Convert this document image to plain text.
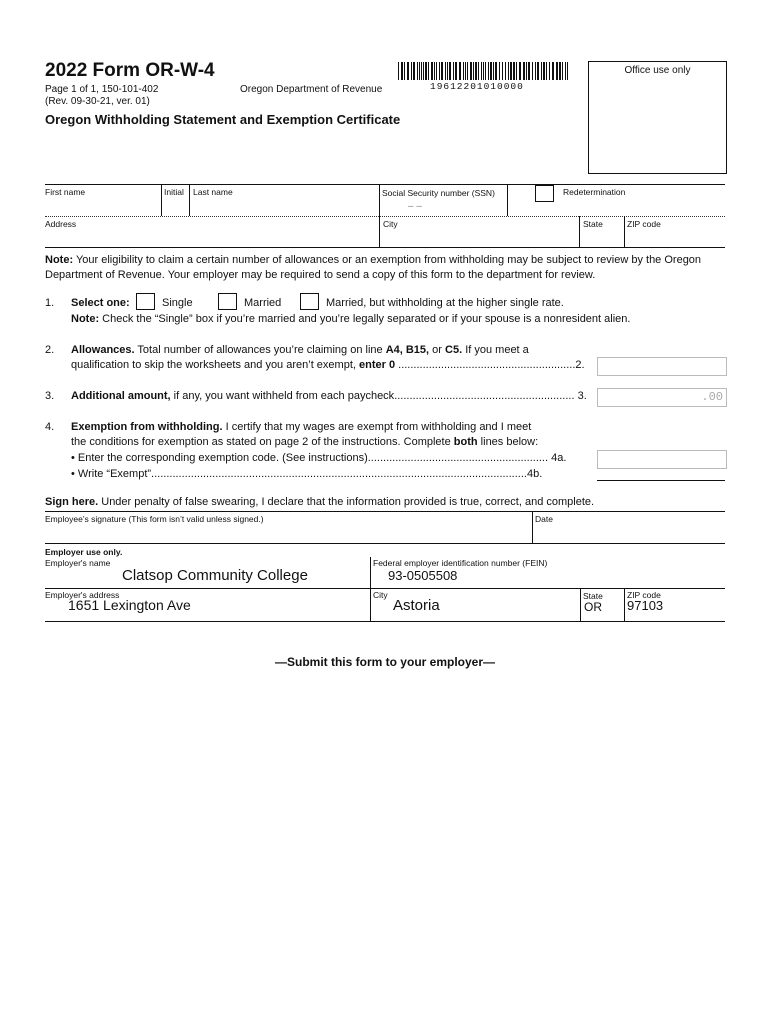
2022 Form OR-W-4
Page 1 of 1, 150-101-402
(Rev. 09-30-21, ver. 01)
Oregon Department of Revenue	19612201010000
Office use only
Oregon Withholding Statement and Exemption Certificate
First name	Initial Last name	Social Security number (SSN)
– –
Redetermination
Address	City	State	ZIP code
Note: Your eligibility to claim a certain number of allowances or an exemption from withholding may be subject to review by the Oregon Department of Revenue. Your employer may be required to send a copy of this form to the department for review.
1. Select one:	Single	Married	Married, but withholding at the higher single rate.
Note: Check the “Single” box if you’re married and you’re legally separated or if your spouse is a nonresident alien.
2. Allowances. Total number of allowances you’re claiming on line A4, B15, or C5. If you meet a
qualification to skip the worksheets and you aren’t exempt, enter 0 ..........................................................2.
3. Additional amount, if any, you want withheld from each paycheck........................................................... 3.	.00
4. Exemption from withholding. I certify that my wages are exempt from withholding and I meet
the conditions for exemption as stated on page 2 of the instructions. Complete both lines below:
• Enter the corresponding exemption code. (See instructions)........................................................... 4a.
• Write “Exempt”...........................................................................................................................4b.
Sign here. Under penalty of false swearing, I declare that the information provided is true, correct, and complete.
Employee’s signature (This form isn’t valid unless signed.)	Date
Employer use only.
Employer's name
Clatsop Community College
Federal employer identification number (FEIN)
93-0505508
Employer's address
1651 Lexington Ave
City
Astoria
State
OR
ZIP code
97103
—Submit this form to your employer—
